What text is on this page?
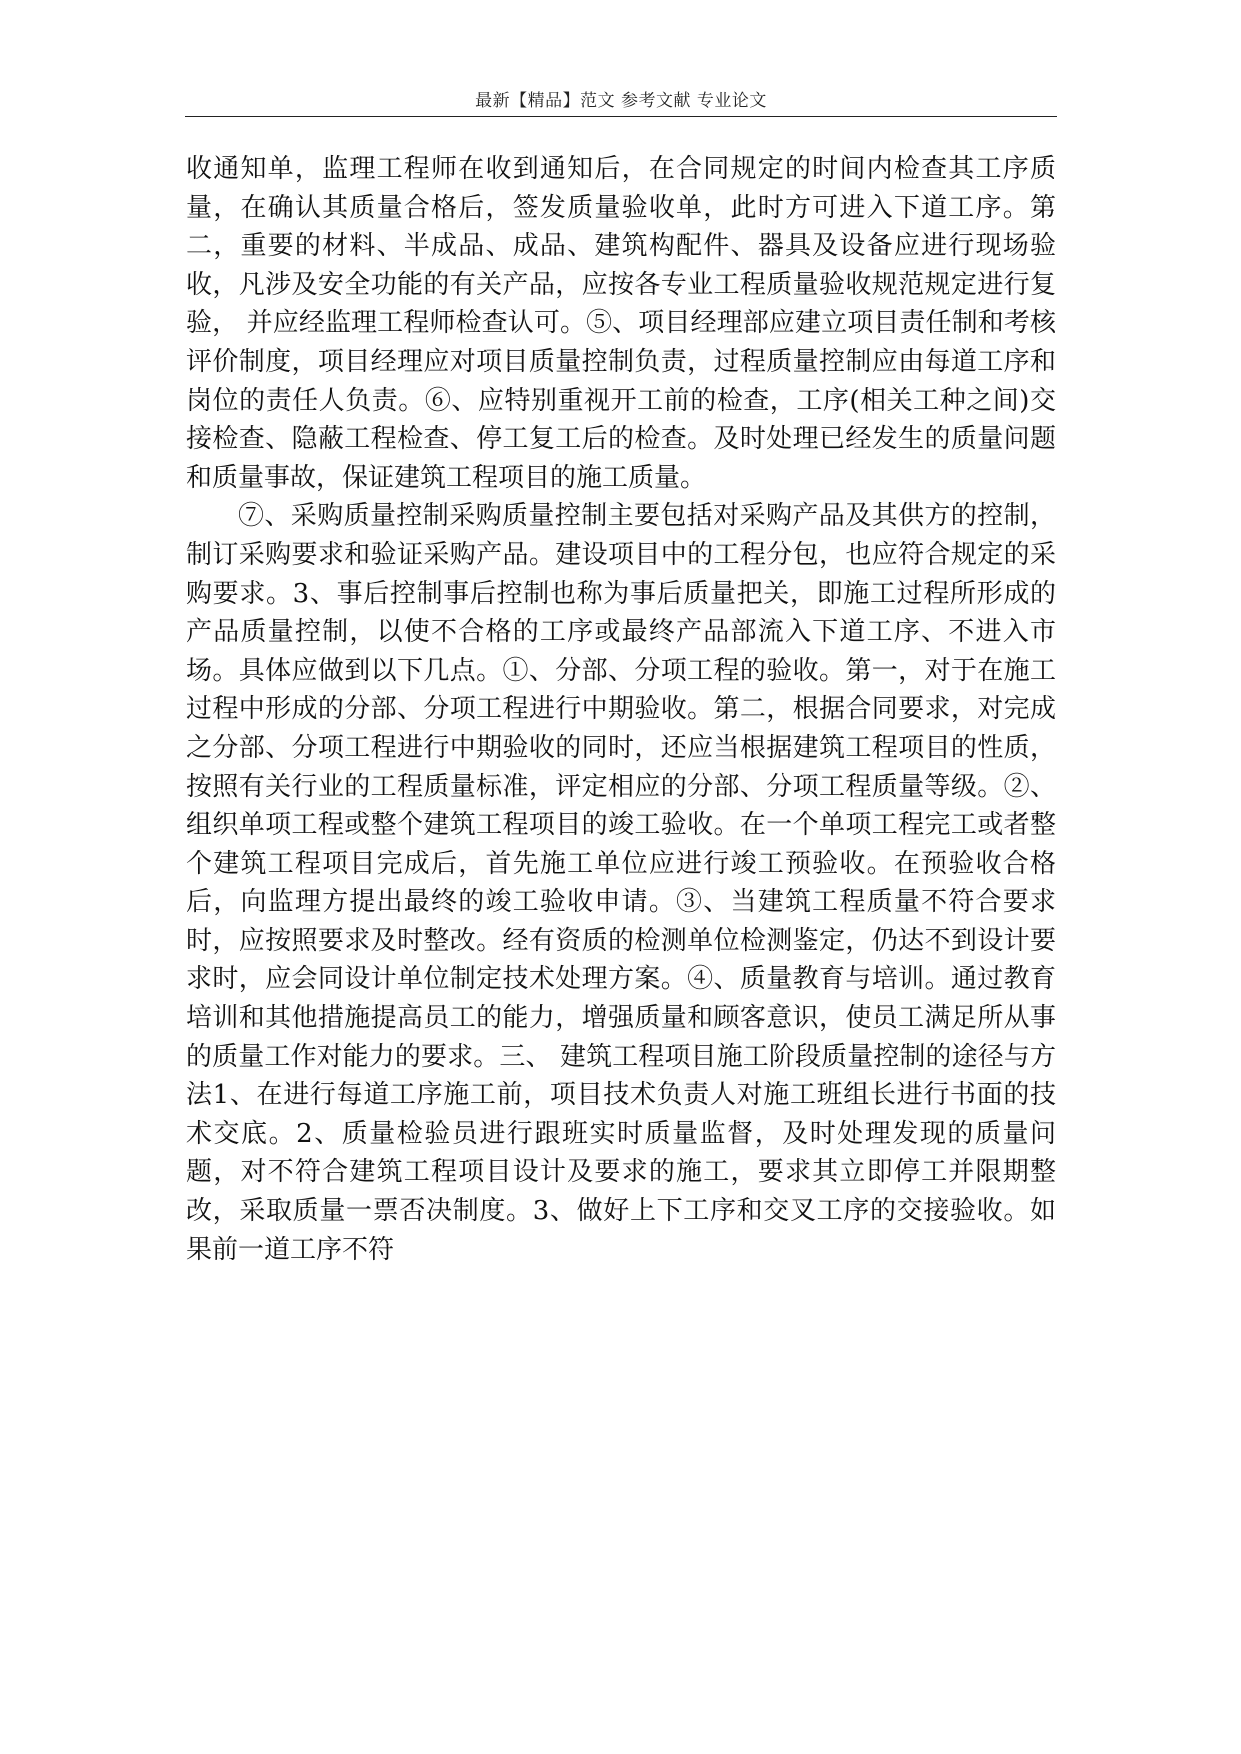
最新【精品】范文 参考文献 专业论文

收通知单，监理工程师在收到通知后，在合同规定的时间内检查其工序质量，在确认其质量合格后，签发质量验收单，此时方可进入下道工序。第二，重要的材料、半成品、成品、建筑构配件、器具及设备应进行现场验收，凡涉及安全功能的有关产品，应按各专业工程质量验收规范规定进行复验， 并应经监理工程师检查认可。⑤、项目经理部应建立项目责任制和考核评价制度，项目经理应对项目质量控制负责，过程质量控制应由每道工序和岗位的责任人负责。⑥、应特别重视开工前的检查，工序(相关工种之间)交接检查、隐蔽工程检查、停工复工后的检查。及时处理已经发生的质量问题和质量事故，保证建筑工程项目的施工质量。

⑦、采购质量控制采购质量控制主要包括对采购产品及其供方的控制，制订采购要求和验证采购产品。建设项目中的工程分包，也应符合规定的采购要求。3、事后控制事后控制也称为事后质量把关，即施工过程所形成的产品质量控制，以使不合格的工序或最终产品部流入下道工序、不进入市场。具体应做到以下几点。①、分部、分项工程的验收。第一，对于在施工过程中形成的分部、分项工程进行中期验收。第二，根据合同要求，对完成之分部、分项工程进行中期验收的同时，还应当根据建筑工程项目的性质，按照有关行业的工程质量标准，评定相应的分部、分项工程质量等级。②、组织单项工程或整个建筑工程项目的竣工验收。在一个单项工程完工或者整个建筑工程项目完成后，首先施工单位应进行竣工预验收。在预验收合格后，向监理方提出最终的竣工验收申请。③、当建筑工程质量不符合要求时，应按照要求及时整改。经有资质的检测单位检测鉴定，仍达不到设计要求时，应会同设计单位制定技术处理方案。④、质量教育与培训。通过教育培训和其他措施提高员工的能力，增强质量和顾客意识，使员工满足所从事的质量工作对能力的要求。三、 建筑工程项目施工阶段质量控制的途径与方法1、在进行每道工序施工前，项目技术负责人对施工班组长进行书面的技术交底。2、质量检验员进行跟班实时质量监督，及时处理发现的质量问题，对不符合建筑工程项目设计及要求的施工，要求其立即停工并限期整改，采取质量一票否决制度。3、做好上下工序和交叉工序的交接验收。如果前一道工序不符
